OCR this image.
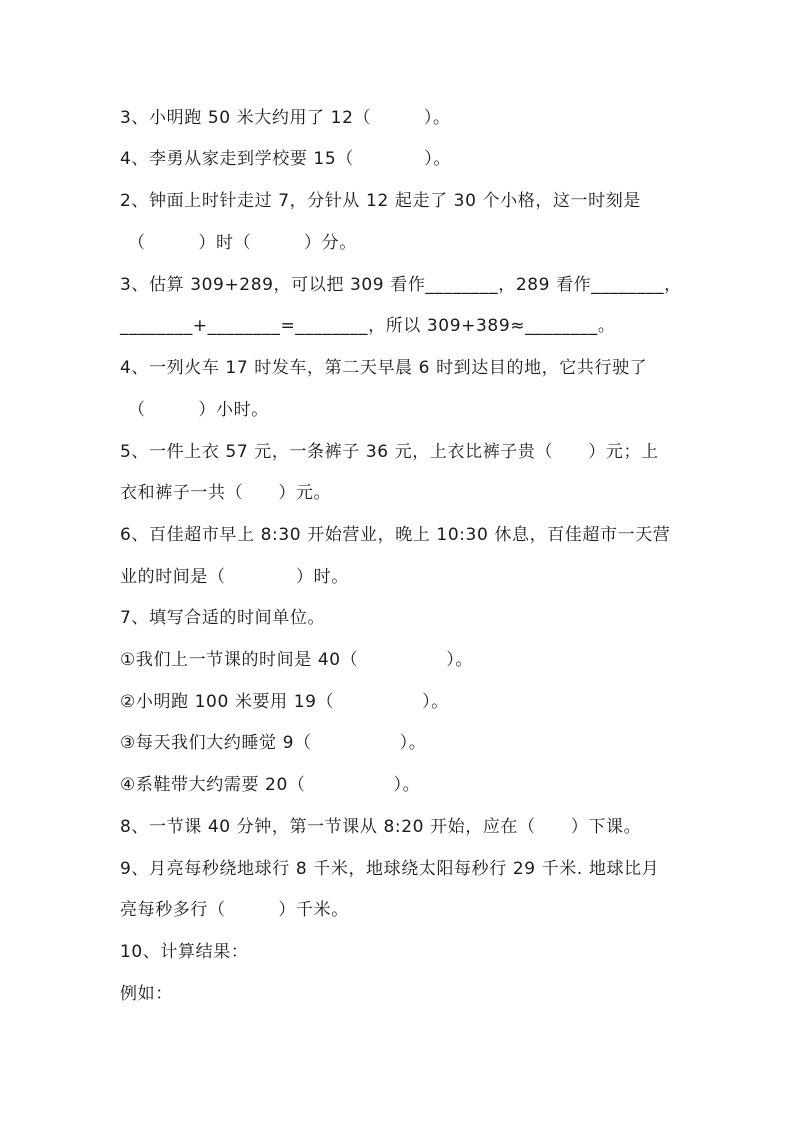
3、小明跑 50 米大约用了 12（　　　）。
4、李勇从家走到学校要 15（　　　　）。
2、钟面上时针走过 7，分针从 12 起走了 30 个小格，这一时刻是
（　　　）时（　　　）分。
3、估算 309+289，可以把 309 看作________，289 看作________，
________+________=________，所以 309+389≈________。
4、一列火车 17 时发车，第二天早晨 6 时到达目的地，它共行驶了
（　　　）小时。
5、一件上衣 57 元，一条裤子 36 元，上衣比裤子贵（　　）元；上
衣和裤子一共（　　）元。
6、百佳超市早上 8:30 开始营业，晚上 10:30 休息，百佳超市一天营
业的时间是（　　　　）时。
7、填写合适的时间单位。
①我们上一节课的时间是 40（　　　　　）。
②小明跑 100 米要用 19（　　　　　）。
③每天我们大约睡觉 9（　　　　　）。
④系鞋带大约需要 20（　　　　　）。
8、一节课 40 分钟，第一节课从 8:20 开始，应在（　　）下课。
9、月亮每秒绕地球行 8 千米，地球绕太阳每秒行 29 千米. 地球比月
亮每秒多行（　　　）千米。
10、计算结果：
例如：
